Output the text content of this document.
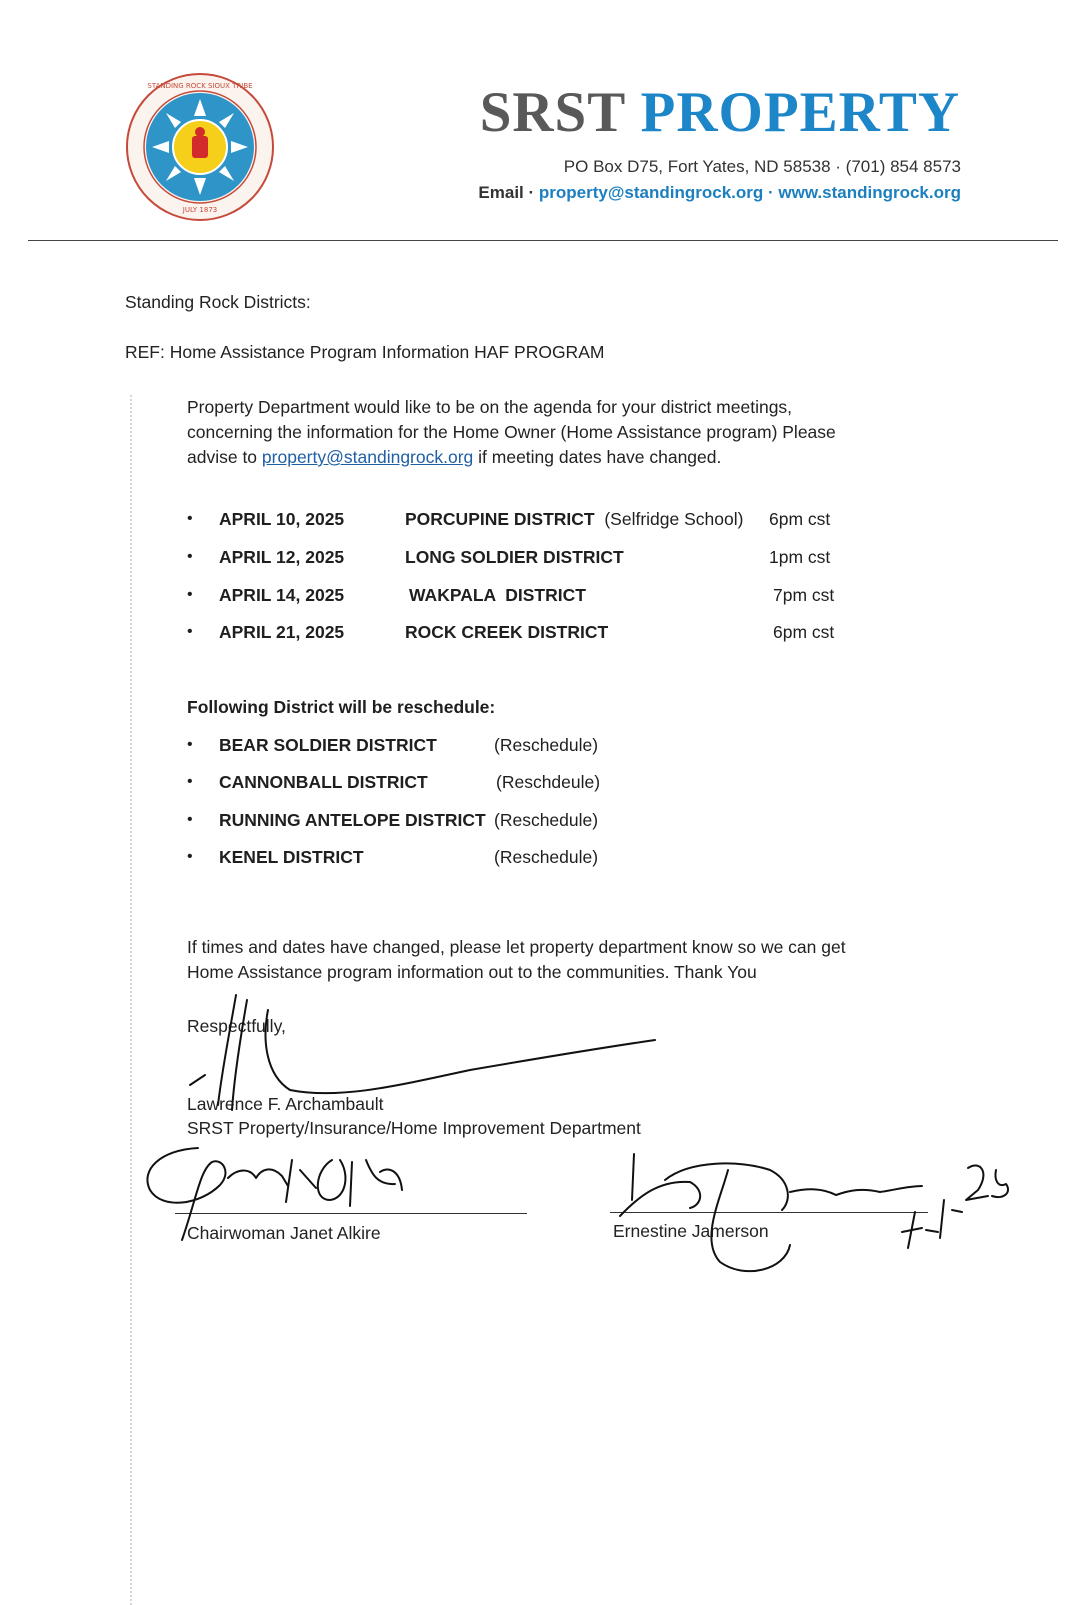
STANDING ROCK SIOUX TRIBE
JULY 1873
SRST PROPERTY
PO Box D75, Fort Yates, ND 58538 · (701) 854 8573
Email · property@standingrock.org · www.standingrock.org
Standing Rock Districts:
REF: Home Assistance Program Information HAF PROGRAM
Property Department would like to be on the agenda for your district meetings,
concerning the information for the Home Owner (Home Assistance program) Please
advise to property@standingrock.org if meeting dates have changed.
• APRIL 10, 2025	PORCUPINE DISTRICT (Selfridge School) 6pm cst
• APRIL 12, 2025	LONG SOLDIER DISTRICT	1pm cst
• APRIL 14, 2025	WAKPALA  DISTRICT	7pm cst
• APRIL 21, 2025	ROCK CREEK DISTRICT	6pm cst
Following District will be reschedule:
• BEAR SOLDIER DISTRICT	(Reschedule)
• CANNONBALL DISTRICT	(Reschdeule)
• RUNNING ANTELOPE DISTRICT (Reschedule)
• KENEL DISTRICT	(Reschedule)
If times and dates have changed, please let property department know so we can get
Home Assistance program information out to the communities. Thank You
Respectfully,
Lawrence F. Archambault
SRST Property/Insurance/Home Improvement Department
Chairwoman Janet Alkire	Ernestine Jamerson
